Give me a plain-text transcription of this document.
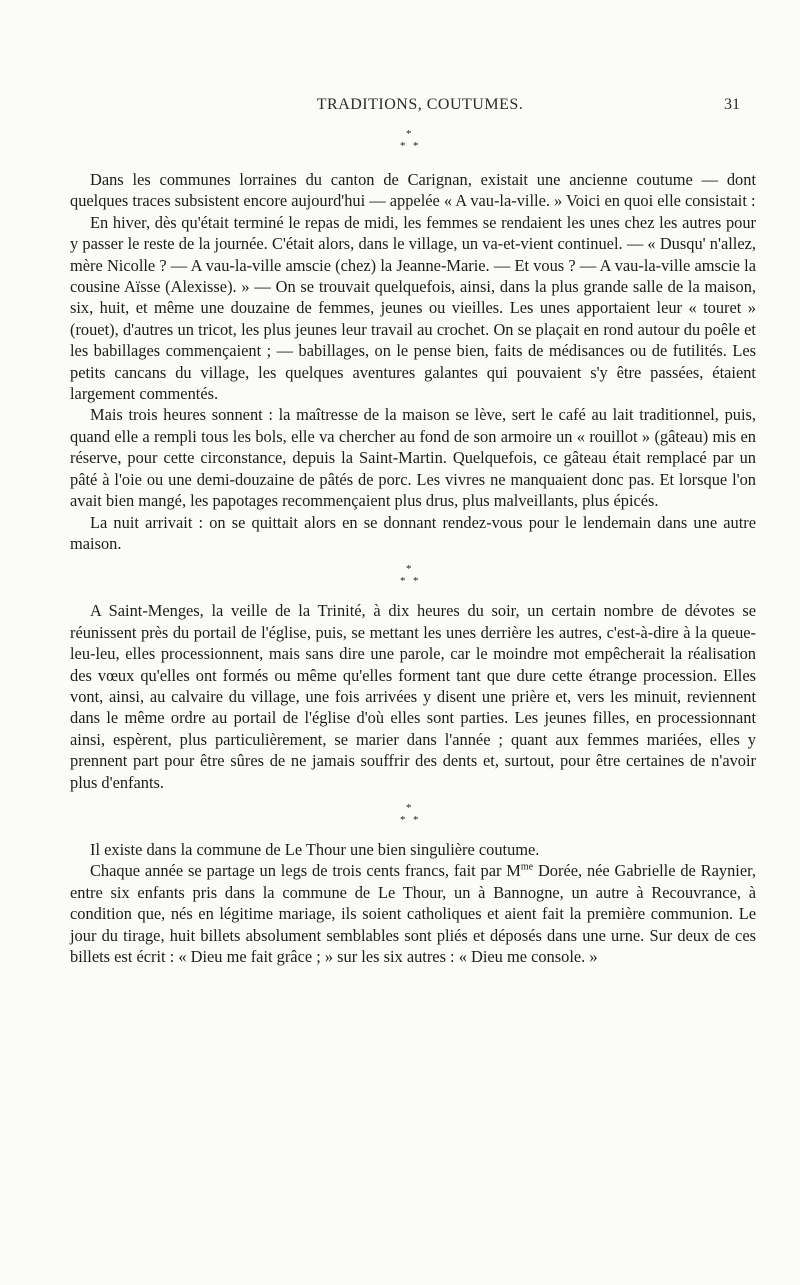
TRADITIONS, COUTUMES.	31
*
* *

Dans les communes lorraines du canton de Carignan, existait une ancienne coutume — dont quelques traces subsistent encore aujourd'hui — appelée « A vau-la-ville. » Voici en quoi elle consistait :

En hiver, dès qu'était terminé le repas de midi, les femmes se rendaient les unes chez les autres pour y passer le reste de la journée. C'était alors, dans le village, un va-et-vient continuel. — « Dusqu' n'allez, mère Nicolle ? — A vau-la-ville amscie (chez) la Jeanne-Marie. — Et vous ? — A vau-la-ville amscie la cousine Aïsse (Alexisse). » — On se trouvait quelquefois, ainsi, dans la plus grande salle de la maison, six, huit, et même une douzaine de femmes, jeunes ou vieilles. Les unes apportaient leur « touret » (rouet), d'autres un tricot, les plus jeunes leur travail au crochet. On se plaçait en rond autour du poêle et les babillages commençaient ; — babillages, on le pense bien, faits de médisances ou de futilités. Les petits cancans du village, les quelques aventures galantes qui pouvaient s'y être passées, étaient largement commentés.

Mais trois heures sonnent : la maîtresse de la maison se lève, sert le café au lait traditionnel, puis, quand elle a rempli tous les bols, elle va chercher au fond de son armoire un « rouillot » (gâteau) mis en réserve, pour cette circonstance, depuis la Saint-Martin. Quelquefois, ce gâteau était remplacé par un pâté à l'oie ou une demi-douzaine de pâtés de porc. Les vivres ne manquaient donc pas. Et lorsque l'on avait bien mangé, les papotages recommençaient plus drus, plus malveillants, plus épicés.

La nuit arrivait : on se quittait alors en se donnant rendez-vous pour le lendemain dans une autre maison.

*
* *

A Saint-Menges, la veille de la Trinité, à dix heures du soir, un certain nombre de dévotes se réunissent près du portail de l'église, puis, se mettant les unes derrière les autres, c'est-à-dire à la queue-leu-leu, elles processionnent, mais sans dire une parole, car le moindre mot empêcherait la réalisation des vœux qu'elles ont formés ou même qu'elles forment tant que dure cette étrange procession. Elles vont, ainsi, au calvaire du village, une fois arrivées y disent une prière et, vers les minuit, reviennent dans le même ordre au portail de l'église d'où elles sont parties. Les jeunes filles, en processionnant ainsi, espèrent, plus particulièrement, se marier dans l'année ; quant aux femmes mariées, elles y prennent part pour être sûres de ne jamais souffrir des dents et, surtout, pour être certaines de n'avoir plus d'enfants.

*
* *

Il existe dans la commune de Le Thour une bien singulière coutume.

Chaque année se partage un legs de trois cents francs, fait par $M^{me}$ Dorée, née Gabrielle de Raynier, entre six enfants pris dans la commune de Le Thour, un à Bannogne, un autre à Recouvrance, à condition que, nés en légitime mariage, ils soient catholiques et aient fait la première communion. Le jour du tirage, huit billets absolument semblables sont pliés et déposés dans une urne. Sur deux de ces billets est écrit : « Dieu me fait grâce ; » sur les six autres : « Dieu me console. »
